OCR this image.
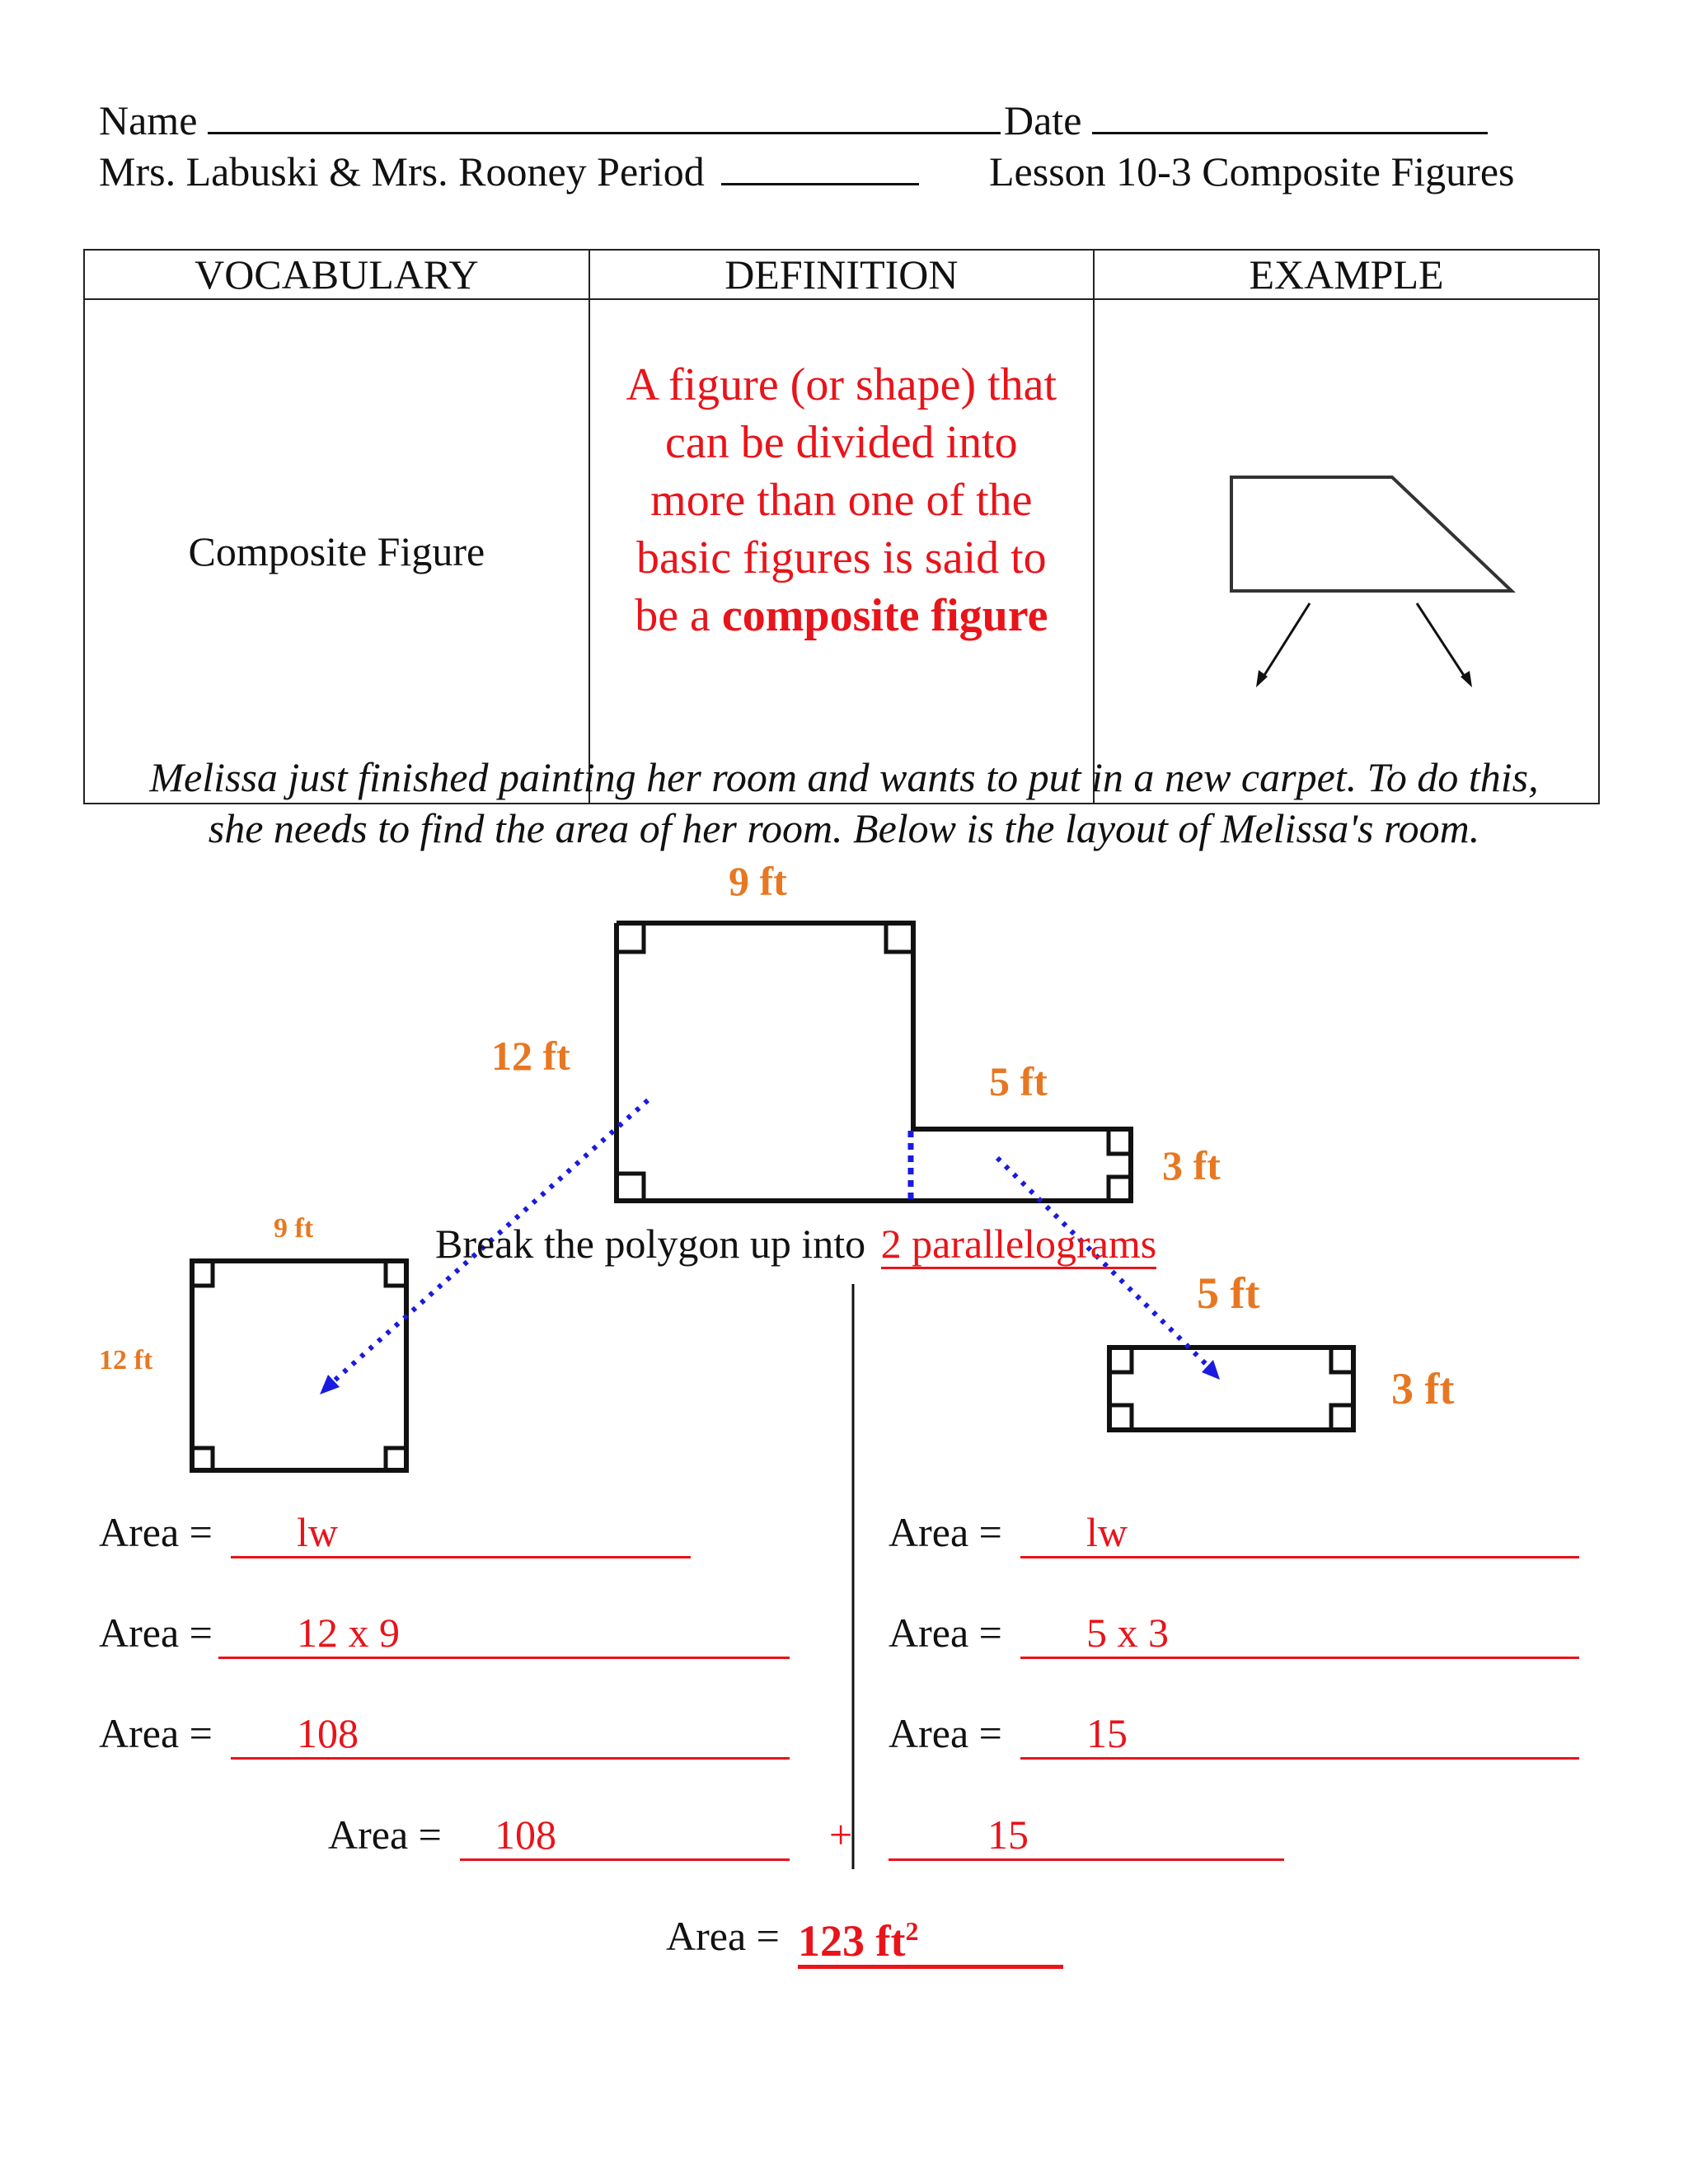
Name	Date
Mrs. Labuski & Mrs. Rooney Period	Lesson 10-3 Composite Figures
VOCABULARY	DEFINITION	EXAMPLE
Composite Figure	A figure (or shape) that
can be divided into
more than one of the
basic figures is said to
be a composite figure

Melissa just finished painting her room and wants to put in a new carpet. To do this,
she needs to find the area of her room. Below is the layout of Melissa's room.
9 ft
12 ft
5 ft
3 ft
Break the polygon up into 2 parallelograms
9 ft
12 ft
5 ft
3 ft
Area =	lw
Area =	12 x 9
Area =	108
Area =	lw
Area =	5 x 3
Area =	15
Area =	108	+	15
Area = 123 $ft^2$
